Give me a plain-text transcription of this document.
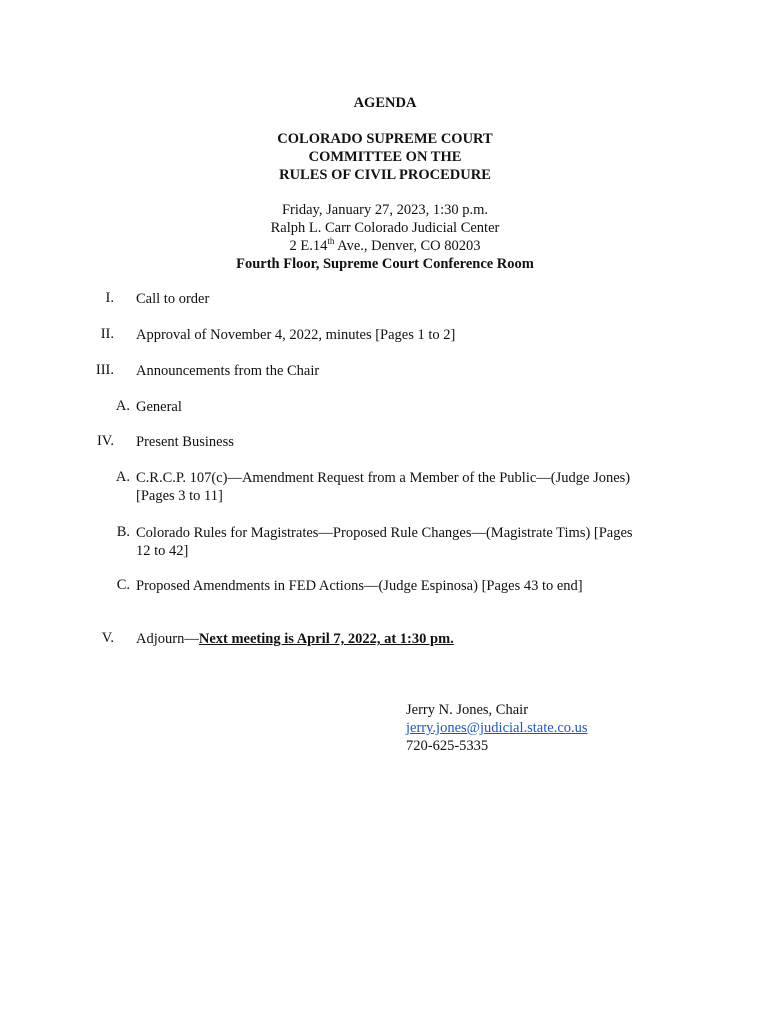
AGENDA
COLORADO SUPREME COURT
COMMITTEE ON THE
RULES OF CIVIL PROCEDURE
Friday, January 27, 2023, 1:30 p.m.
Ralph L. Carr Colorado Judicial Center
2 E.14th Ave., Denver, CO 80203
Fourth Floor, Supreme Court Conference Room
I. Call to order
II. Approval of November 4, 2022, minutes [Pages 1 to 2]
III. Announcements from the Chair
A. General
IV. Present Business
A. C.R.C.P. 107(c)—Amendment Request from a Member of the Public—(Judge Jones)
[Pages 3 to 11]
B. Colorado Rules for Magistrates—Proposed Rule Changes—(Magistrate Tims) [Pages
12 to 42]
C. Proposed Amendments in FED Actions—(Judge Espinosa) [Pages 43 to end]
V. Adjourn—Next meeting is April 7, 2022, at 1:30 pm.
Jerry N. Jones, Chair
jerry.jones@judicial.state.co.us
720-625-5335
